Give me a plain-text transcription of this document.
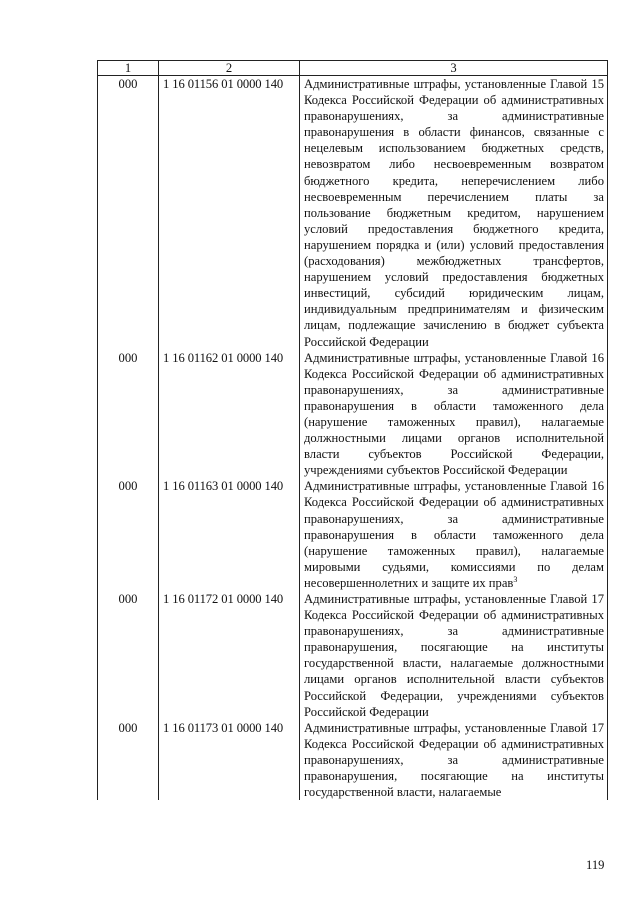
1	2	3
000	1 16 01156 01 0000 140	Административные штрафы, установленные Главой 15 Кодекса Российской Федерации об административных правонарушениях, за административные правонарушения в области финансов, связанные с нецелевым использованием бюджетных средств, невозвратом либо несвоевременным возвратом бюджетного кредита, неперечислением либо несвоевременным перечислением платы за пользование бюджетным кредитом, нарушением условий предоставления бюджетного кредита, нарушением порядка и (или) условий предоставления (расходования) межбюджетных трансфертов, нарушением условий предоставления бюджетных инвестиций, субсидий юридическим лицам, индивидуальным предпринимателям и физическим лицам, подлежащие зачислению в бюджет субъекта Российской Федерации
000	1 16 01162 01 0000 140	Административные штрафы, установленные Главой 16 Кодекса Российской Федерации об административных правонарушениях, за административные правонарушения в области таможенного дела (нарушение таможенных правил), налагаемые должностными лицами органов исполнительной власти субъектов Российской Федерации, учреждениями субъектов Российской Федерации
000	1 16 01163 01 0000 140	Административные штрафы, установленные Главой 16 Кодекса Российской Федерации об административных правонарушениях, за административные правонарушения в области таможенного дела (нарушение таможенных правил), налагаемые мировыми судьями, комиссиями по делам несовершеннолетних и защите их прав$^3$
000	1 16 01172 01 0000 140	Административные штрафы, установленные Главой 17 Кодекса Российской Федерации об административных правонарушениях, за административные правонарушения, посягающие на институты государственной власти, налагаемые должностными лицами органов исполнительной власти субъектов Российской Федерации, учреждениями субъектов Российской Федерации
000	1 16 01173 01 0000 140	Административные штрафы, установленные Главой 17 Кодекса Российской Федерации об административных правонарушениях, за административные правонарушения, посягающие на институты государственной власти, налагаемые
119
